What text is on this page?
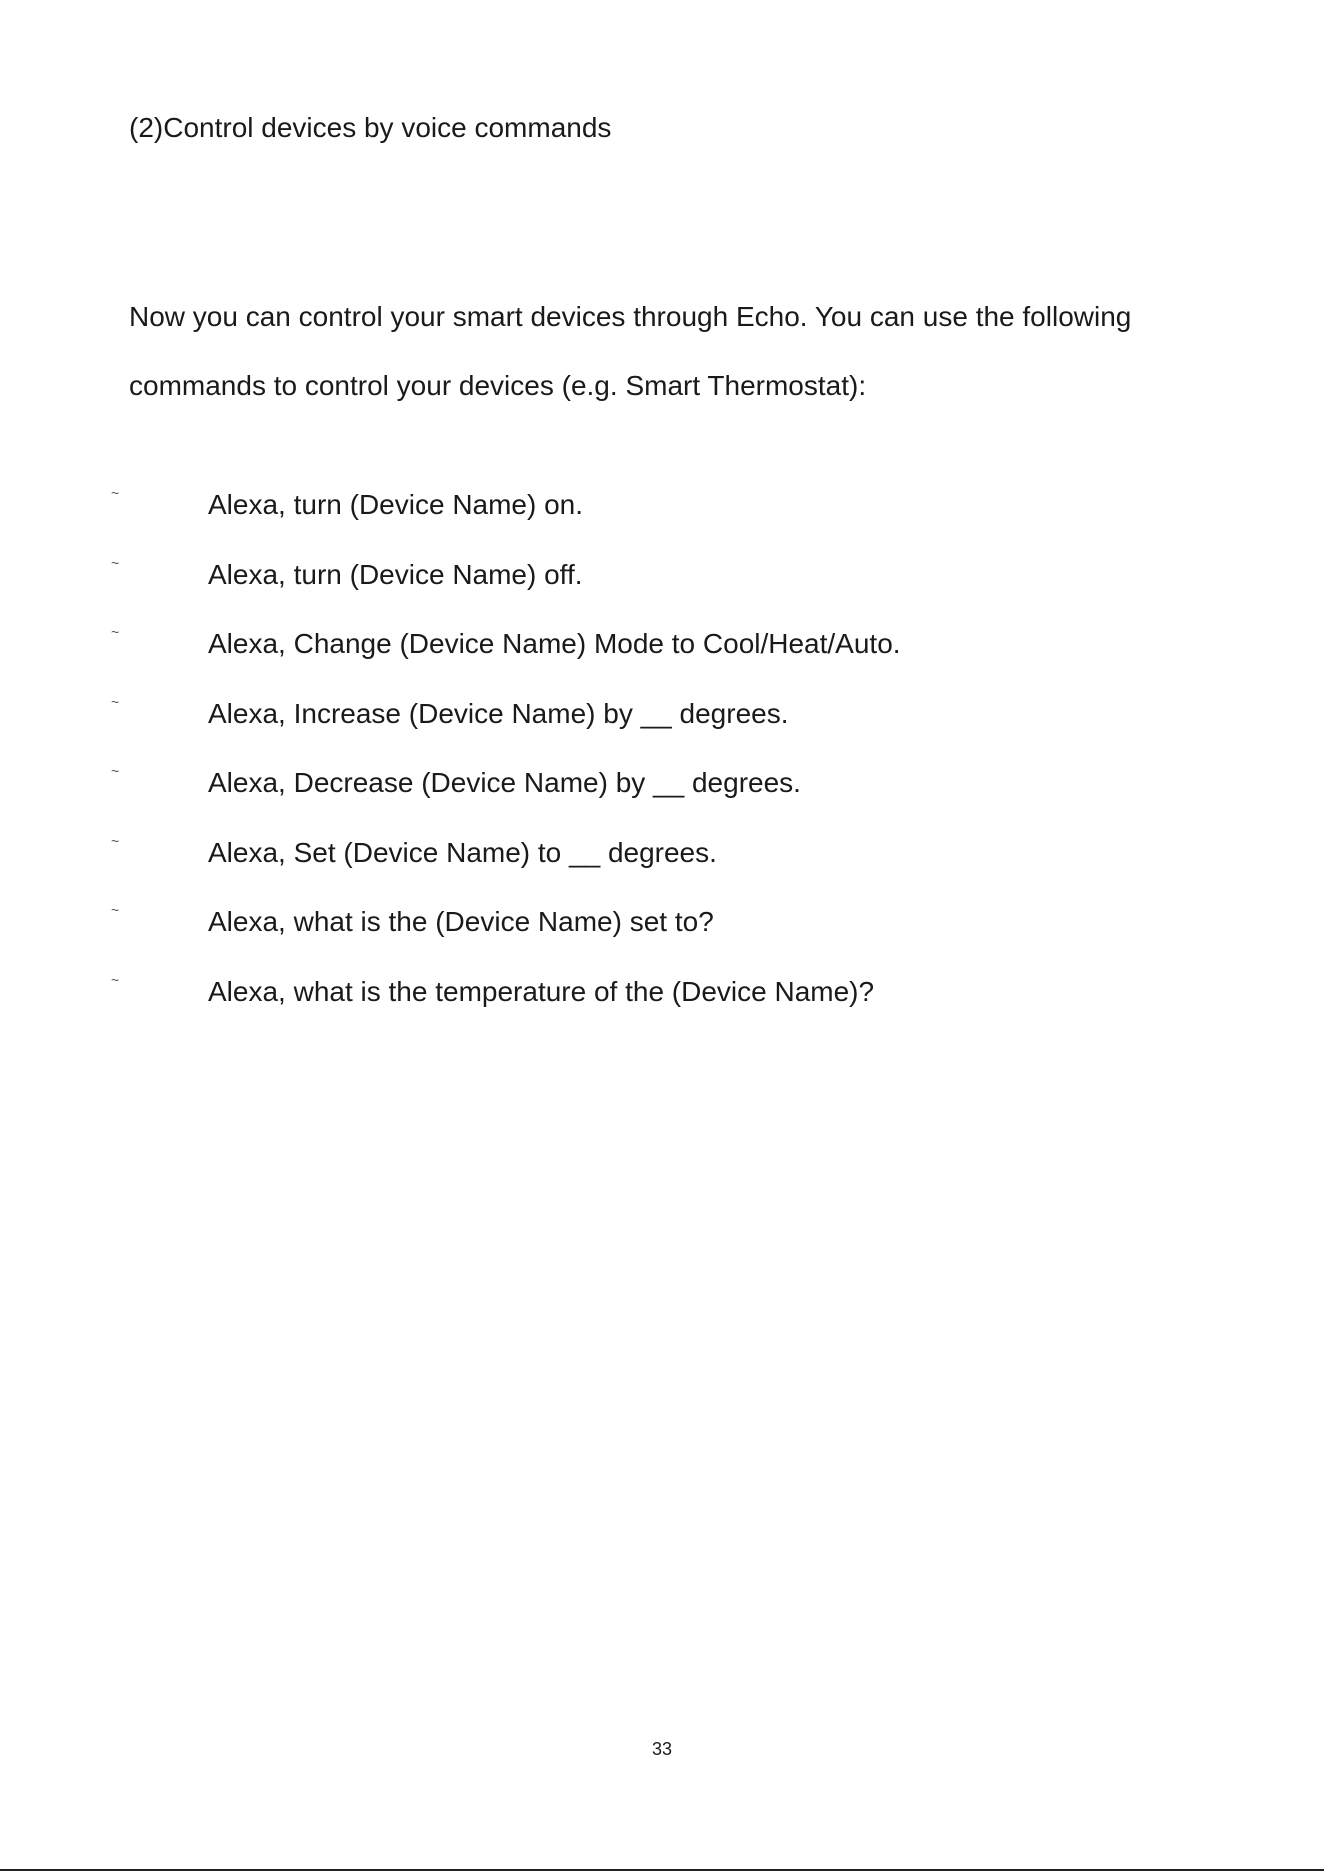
(2)Control devices by voice commands

Now you can control your smart devices through Echo. You can use the following

commands to control your devices (e.g. Smart Thermostat):

~	Alexa, turn (Device Name) on.
~	Alexa, turn (Device Name) off.
~	Alexa, Change (Device Name) Mode to Cool/Heat/Auto.
~	Alexa, Increase (Device Name) by __ degrees.
~	Alexa, Decrease (Device Name) by __ degrees.
~	Alexa, Set (Device Name) to __ degrees.
~	Alexa, what is the (Device Name) set to?
~	Alexa, what is the temperature of the (Device Name)?
33
